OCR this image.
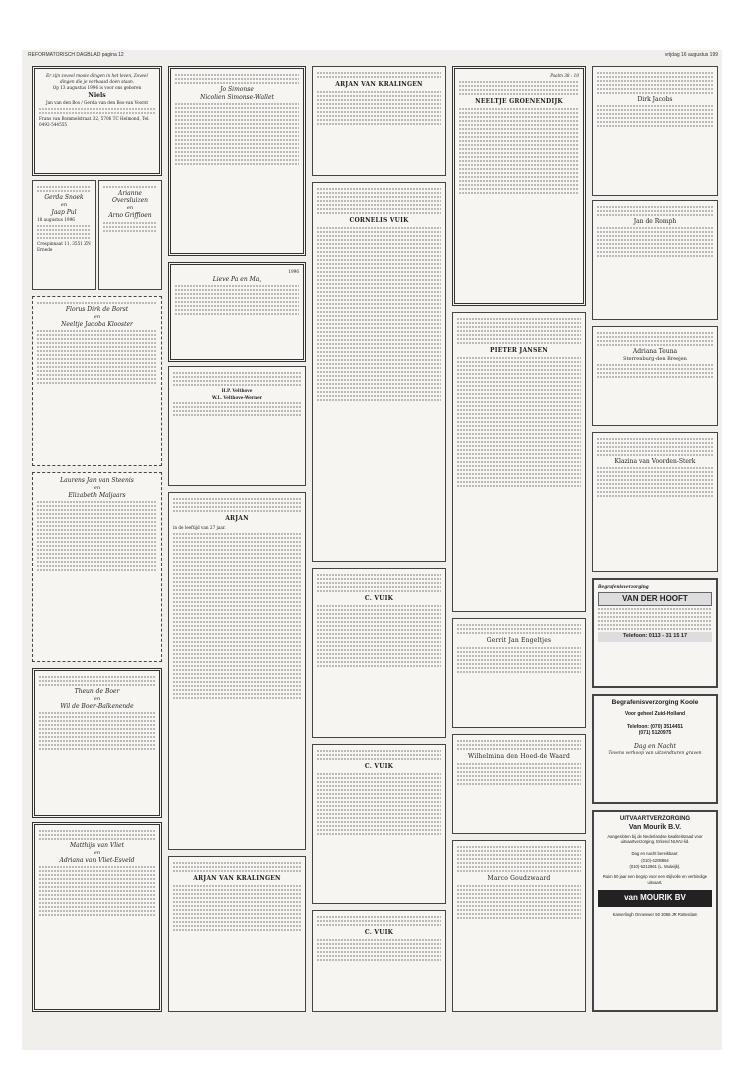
REFORMATORISCH DAGBLAD pagina 12	vrijdag 16 augustus 199

Er zijn zoveel mooie dingen in het leven, Zoveel dingen die je verbaasd doen staan.

Op 13 augustus 1996 is voor ons geboren

Niels

Jan van den Bos / Gerda van den Bos-van Voorst

Frans van Bommelstraat 32, 5706 TC Helmond, Tel. 0492-544555

Gerda Snoek
en
Jaap Pul

18 augustus 1996

Crespinnaat 11, 3551 ZN Ernede

Arianne Oversluizen
en
Arno Griffioen
Florus Dirk de Borst
en
Neeltje Jacoba Klooster
Laurens Jan van Steenis
en
Elizabeth Maljaars
Theun de Boer
en
Wil de Boer-Balkenende
Matthijs van Vliet
en
Adriana van Vliet-Esveld
Jo Simonse
Nicolien Simonse-Wallet

1996

Lieve Pa en Ma,

H.P. Velthove

W.L. Velthove-Werner

ARJAN

in de leeftijd van 27 jaar.

ARJAN VAN KRALINGEN
ARJAN VAN KRALINGEN
CORNELIS VUIK
C. VUIK
C. VUIK
C. VUIK

Psalm 38 : 10

NEELTJE GROENENDIJK
PIETER JANSEN
Gerrit Jan Engeltjes
Wilhelmina den Hoed-de Waard
Marco Goudzwaard
Dirk Jacobs
Jan de Romph
Adriana Teuna
Sterrenburg-den Breejen
Klazina van Voorden-Sterk

Begrafenisverzorging

VAN DER HOOFT
Telefoon: 0113 - 31 15 17
Begrafenisverzorging Koole
Voor geheel Zuid-Holland
Telefoon: (070) 3514451
(071) 5120975
Dag en Nacht
Tevens verkoop van uitzendturen graven
UITVAARTVERZORGING
Van Mourik B.V.

Aangesloten bij de Nederlandse kwaliteitsraad voor uitvaartverzorging. Erkend NUVU-lid.

Dag en nacht bereikbaar:

(010)-4208864

(010)-5212861 (L. Mulwijk).

Ruim 50 jaar een begrip voor een stijlvolle en verbindige uitvaart.

van MOURIK BV

Kamerlingh Onneswег 50 3068 JR Rotterdam
